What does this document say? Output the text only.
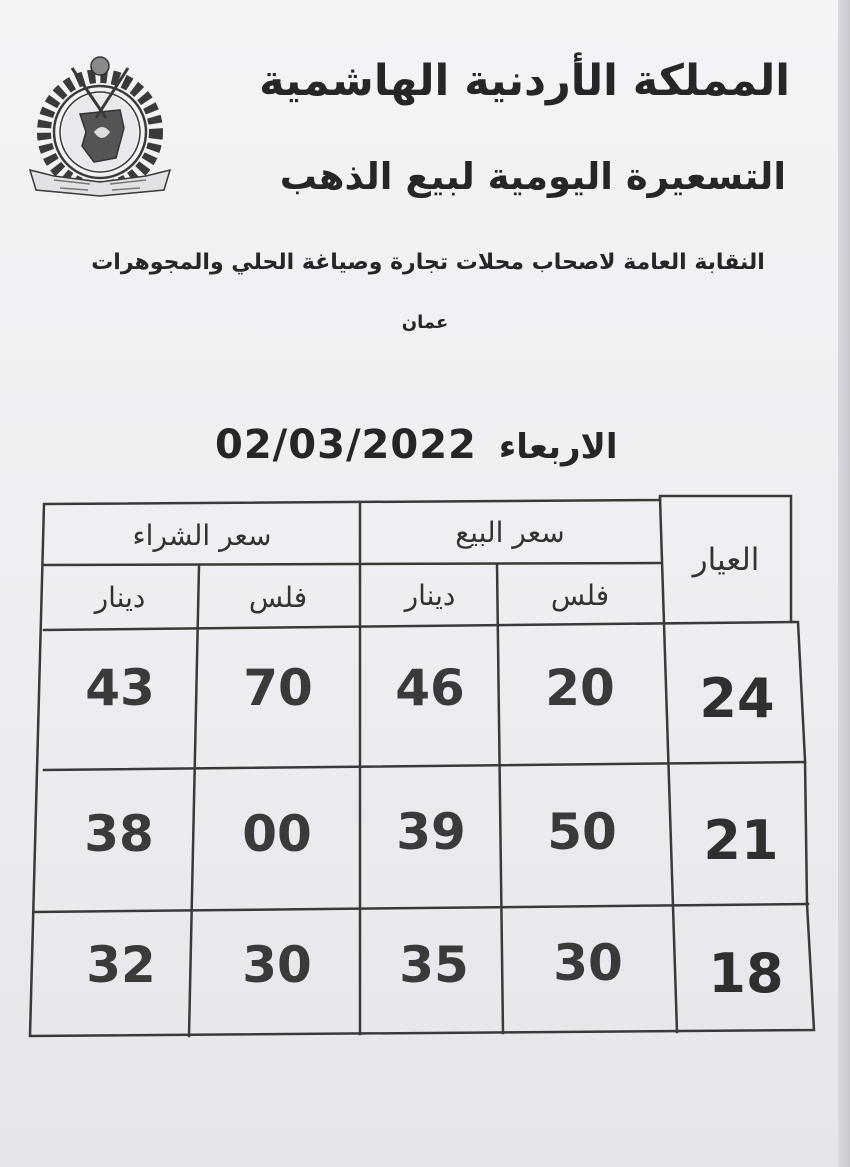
المملكة الأردنية الهاشمية
التسعيرة اليومية لبيع الذهب
النقابة العامة لاصحاب محلات تجارة وصياغة الحلي والمجوهرات
عمان
الاربعاء02/03/2022
العيار
سعر البيع
سعر الشراء
فلس
دينار
فلس
دينار
24
20
46
70
43
21
50
39
00
38
18
30
35
30
32
